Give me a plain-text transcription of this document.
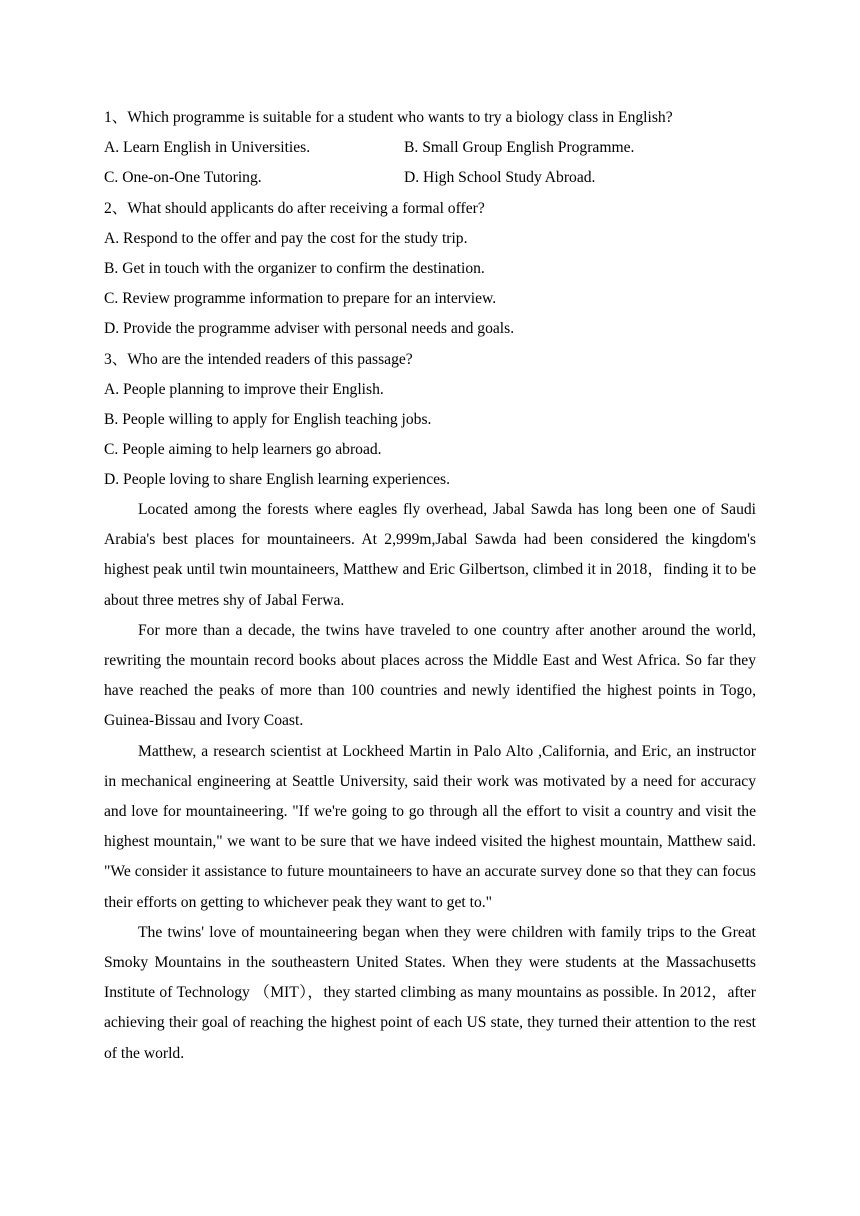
1、Which programme is suitable for a student who wants to try a biology class in English?
A. Learn English in Universities.	B. Small Group English Programme.
C. One-on-One Tutoring.	D. High School Study Abroad.
2、What should applicants do after receiving a formal offer?
A. Respond to the offer and pay the cost for the study trip.
B. Get in touch with the organizer to confirm the destination.
C. Review programme information to prepare for an interview.
D. Provide the programme adviser with personal needs and goals.
3、Who are the intended readers of this passage?
A. People planning to improve their English.
B. People willing to apply for English teaching jobs.
C. People aiming to help learners go abroad.
D. People loving to share English learning experiences.

Located among the forests where eagles fly overhead, Jabal Sawda has long been one of Saudi Arabia's best places for mountaineers. At 2,999m,Jabal Sawda had been considered the kingdom's highest peak until twin mountaineers, Matthew and Eric Gilbertson, climbed it in 2018，finding it to be about three metres shy of Jabal Ferwa.

For more than a decade, the twins have traveled to one country after another around the world, rewriting the mountain record books about places across the Middle East and West Africa. So far they have reached the peaks of more than 100 countries and newly identified the highest points in Togo, Guinea-Bissau and Ivory Coast.

Matthew, a research scientist at Lockheed Martin in Palo Alto ,California, and Eric, an instructor in mechanical engineering at Seattle University, said their work was motivated by a need for accuracy and love for mountaineering. "If we're going to go through all the effort to visit a country and visit the highest mountain," we want to be sure that we have indeed visited the highest mountain, Matthew said. "We consider it assistance to future mountaineers to have an accurate survey done so that they can focus their efforts on getting to whichever peak they want to get to."

The twins' love of mountaineering began when they were children with family trips to the Great Smoky Mountains in the southeastern United States. When they were students at the Massachusetts Institute of Technology （MIT），they started climbing as many mountains as possible. In 2012，after achieving their goal of reaching the highest point of each US state, they turned their attention to the rest of the world.
